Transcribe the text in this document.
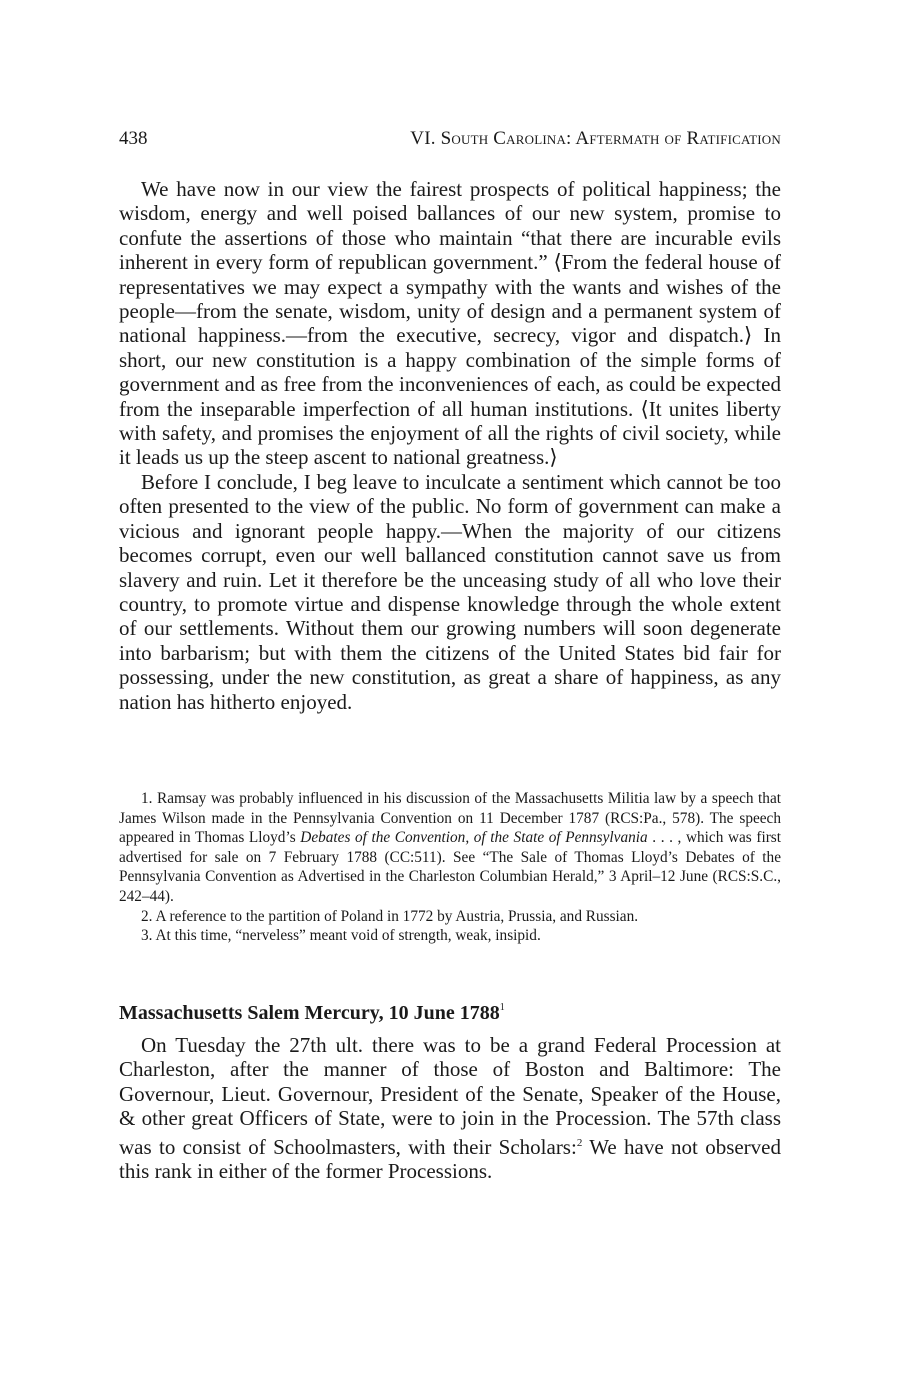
438	VI. South Carolina: Aftermath of Ratification

We have now in our view the fairest prospects of political happiness; the wisdom, energy and well poised ballances of our new system, promise to confute the assertions of those who maintain “that there are incurable evils inherent in every form of republican government.” ⟨From the federal house of representatives we may expect a sympathy with the wants and wishes of the people—from the senate, wisdom, unity of design and a permanent system of national happiness.—from the executive, secrecy, vigor and dispatch.⟩ In short, our new constitution is a happy combination of the simple forms of government and as free from the inconveniences of each, as could be expected from the inseparable imperfection of all human institutions. ⟨It unites liberty with safety, and promises the enjoyment of all the rights of civil society, while it leads us up the steep ascent to national greatness.⟩

Before I conclude, I beg leave to inculcate a sentiment which cannot be too often presented to the view of the public. No form of government can make a vicious and ignorant people happy.—When the majority of our citizens becomes corrupt, even our well ballanced constitution cannot save us from slavery and ruin. Let it therefore be the unceasing study of all who love their country, to promote virtue and dispense knowledge through the whole extent of our settlements. Without them our growing numbers will soon degenerate into barbarism; but with them the citizens of the United States bid fair for possessing, under the new constitution, as great a share of happiness, as any nation has hitherto enjoyed.

1. Ramsay was probably influenced in his discussion of the Massachusetts Militia law by a speech that James Wilson made in the Pennsylvania Convention on 11 December 1787 (RCS:Pa., 578). The speech appeared in Thomas Lloyd’s Debates of the Convention, of the State of Pennsylvania . . . , which was first advertised for sale on 7 February 1788 (CC:511). See “The Sale of Thomas Lloyd’s Debates of the Pennsylvania Convention as Advertised in the Charleston Columbian Herald,” 3 April–12 June (RCS:S.C., 242–44).

2. A reference to the partition of Poland in 1772 by Austria, Prussia, and Russian.

3. At this time, “nerveless” meant void of strength, weak, insipid.

Massachusetts Salem Mercury, 10 June 1788$^1$

On Tuesday the 27th ult. there was to be a grand Federal Procession at Charleston, after the manner of those of Boston and Baltimore: The Governour, Lieut. Governour, President of the Senate, Speaker of the House, & other great Officers of State, were to join in the Procession. The 57th class was to consist of Schoolmasters, with their Scholars:$^2$ We have not observed this rank in either of the former Processions.
